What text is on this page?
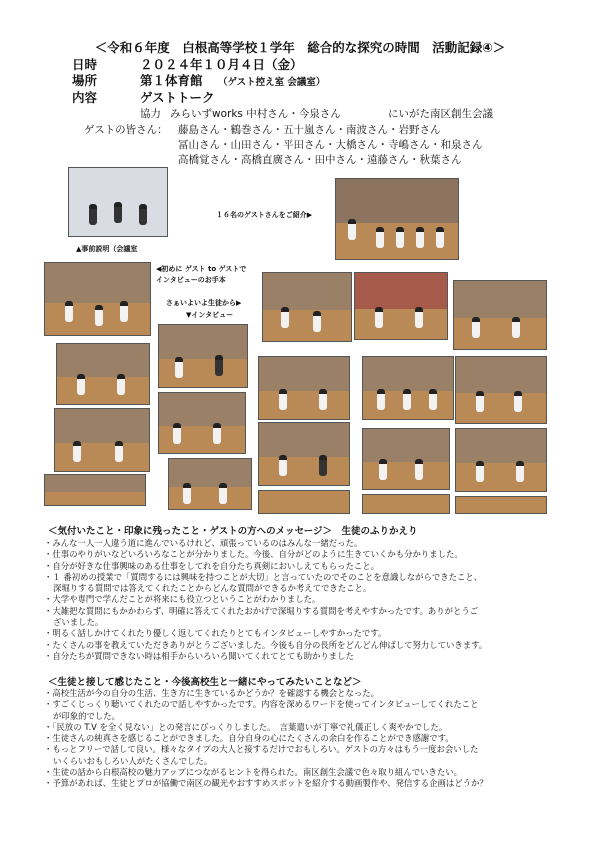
＜令和６年度　白根高等学校１学年　総合的な探究の時間　活動記録④＞
日時	２０２４年１０月４日（金）
場所	第１体育館 （ゲスト控え室 会議室）
内容	ゲストトーク
協力 みらいずworks 中村さん・今泉さん	にいがた南区創生会議
ゲストの皆さん： 藤島さん・鶴巻さん・五十嵐さん・南波さん・岩野さん
冨山さん・山田さん・平田さん・大橋さん・寺嶋さん・和泉さん
高橋覚さん・高橋直廣さん・田中さん・遠藤さん・秋葉さん
▲事前説明（会議室
１６名のゲストさんをご紹介▶
◀初めに ゲスト to ゲストで
インタビューのお手本
さぁいよいよ生徒から▶
▼インタビュー
＜気付いたこと・印象に残ったこと・ゲストの方へのメッセージ＞　生徒のふりかえり
・ みんな一人一人違う道に進んでいるけれど、頑張っているのはみんな一緒だった。
・ 仕事のやりがいなどいろいろなことが分かりました。今後、自分がどのように生きていくかも分かりました。
・ 自分が好きな仕事興味のある仕事をしてれを自分たち真剣においしえてもらったこと。
・ １ 番初めの授業で「質問するには興味を持つことが大切」と言っていたのでそのことを意識しながらできたこと、
深堀りする質問では答えてくれたことからどんな質問ができるか考えてできたこと。
・ 大学や専門で学んだことが将来にも役立つということがわかりました。
・ 大雑把な質問にもかかわらず、明確に答えてくれたおかげで深堀りする質問を考えやすかったです。ありがとうご
ざいました。
・ 明るく話しかけてくれたり優しく返してくれたりとてもインタビューしやすかったです。
・ たくさんの事を教えていただきありがとうございました。今後も自分の長所をどんどん伸ばして努力していきます。
・ 自分たちが質問できない時は相手からいろいろ聞いてくれてとても助かりました
＜生徒と接して感じたこと・今後高校生と一緒にやってみたいことなど＞
・ 高校生活が今の自分の生活、生き方に生きているかどうか？を確認する機会となった。
・ すごくじっくり聴いてくれたので話しやすかったです。内容を深めるワードを使ってインタビューしてくれたこと
が印象的でした。
・ 「民放の T.V を全く見ない」との発言にびっくりしました。　言葉遣いが丁寧で礼儀正しく爽やかでした。
・ 生徒さんの純真さを感じることができました。自分自身の心にたくさんの余白を作ることができ感謝です。
・ もっとフリーで話して良い。様々なタイプの大人と接するだけでおもしろい。ゲストの方々はもう一度お会いした
いくらいおもしろい人がたくさんでした。
・ 生徒の話から白根高校の魅力アップにつながるヒントを得られた。南区創生会議で色々取り組んでいきたい。
・ 予算があれば、生徒とプロが協働で南区の観光やおすすめスポットを紹介する動画製作や、発信する企画はどうか？
